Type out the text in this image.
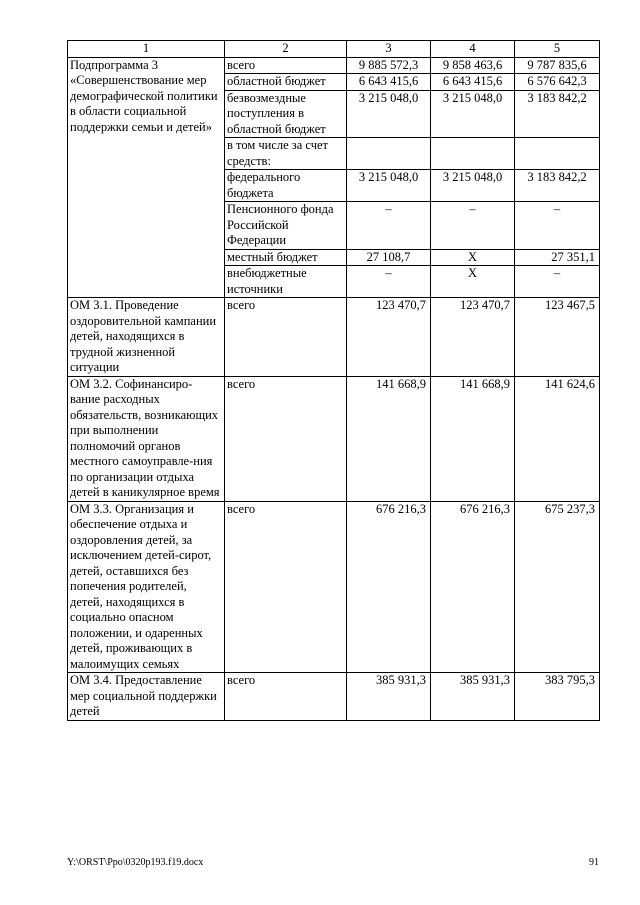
1	2	3	4	5
Подпрограмма 3 «Совершенствование мер демографической политики в области социальной поддержки семьи и детей»	всего	9 885 572,3	9 858 463,6	9 787 835,6
	областной бюджет	6 643 415,6	6 643 415,6	6 576 642,3
	безвозмездные поступления в областной бюджет	3 215 048,0	3 215 048,0	3 183 842,2
	в том числе за счет средств:			
	федерального бюджета	3 215 048,0	3 215 048,0	3 183 842,2
	Пенсионного фонда Российской Федерации	–	–	–
	местный бюджет	27 108,7	Х	27 351,1
	внебюджетные источники	–	Х	–
ОМ 3.1. Проведение оздоровительной кампании детей, находящихся в трудной жизненной ситуации	всего	123 470,7	123 470,7	123 467,5
ОМ 3.2. Софинансиро-вание расходных обязательств, возникающих при выполнении полномочий органов местного самоуправле-ния по организации отдыха детей в каникулярное время	всего	141 668,9	141 668,9	141 624,6
ОМ 3.3. Организация и обеспечение отдыха и оздоровления детей, за исключением детей-сирот, детей, оставшихся без попечения родителей, детей, находящихся в социально опасном положении, и одаренных детей, проживающих в малоимущих семьях	всего	676 216,3	676 216,3	675 237,3
ОМ 3.4. Предоставление мер социальной поддержки детей	всего	385 931,3	385 931,3	383 795,3
Y:\ORST\Ppo\0320p193.f19.docx	91
